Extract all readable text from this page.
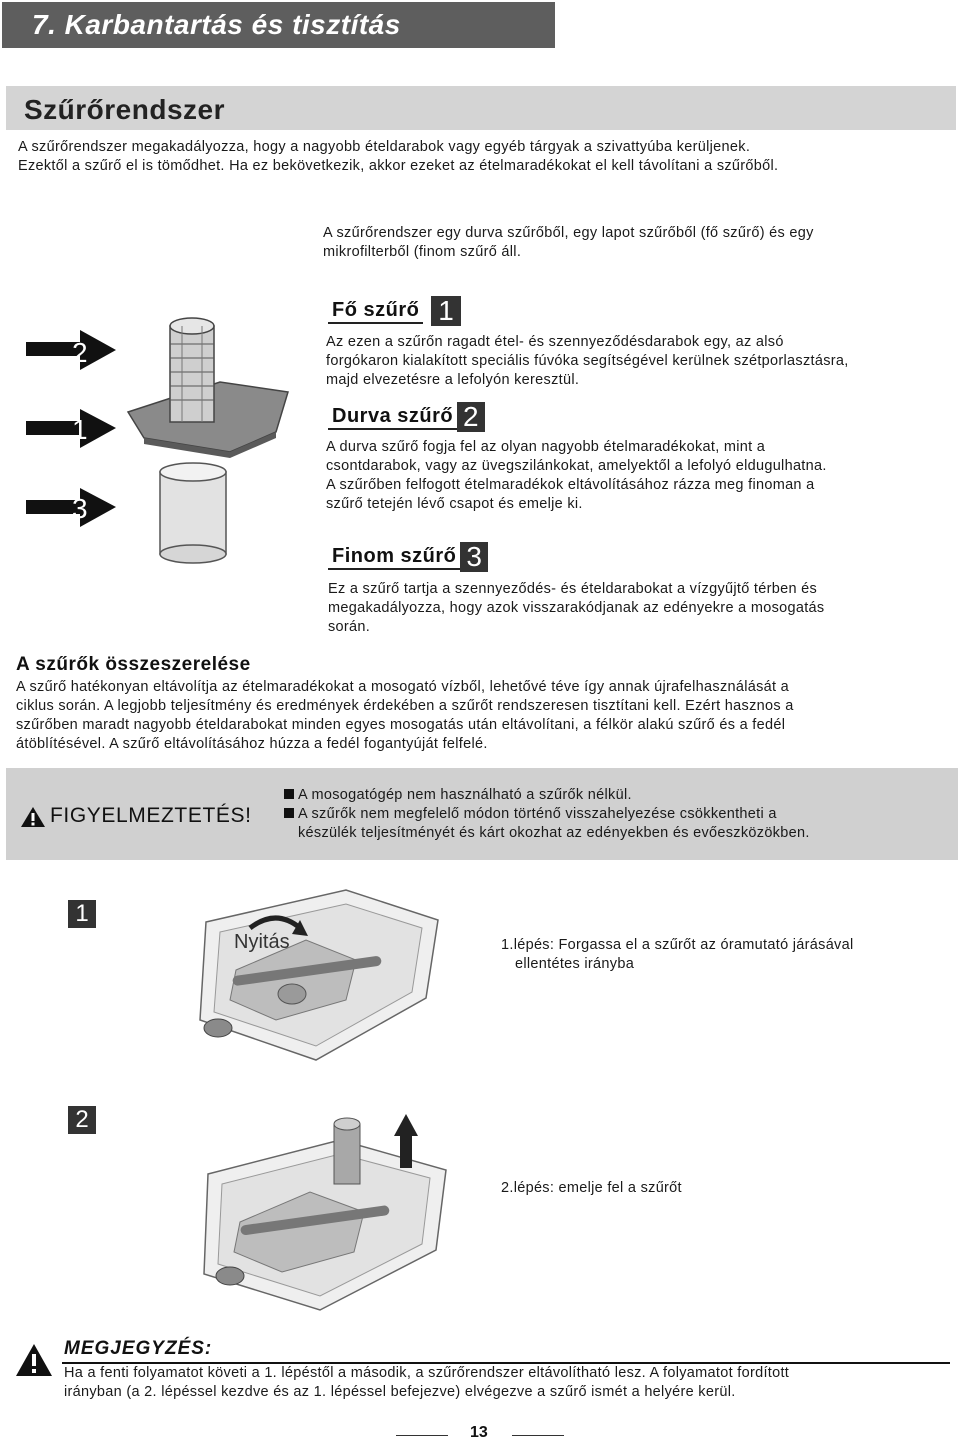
7. Karbantartás és tisztítás
Szűrőrendszer
A szűrőrendszer megakadályozza, hogy a nagyobb ételdarabok vagy egyéb tárgyak a szivattyúba kerüljenek.
Ezektől a szűrő el is tömődhet. Ha ez bekövetkezik, akkor ezeket az ételmaradékokat el kell távolítani a szűrőből.
A szűrőrendszer egy durva szűrőből, egy lapot szűrőből (fő szűrő) és egy
mikrofilterből (finom szűrő áll.
2
1
3
Fő szűrő 1
Az ezen a szűrőn ragadt étel- és szennyeződésdarabok egy, az alsó
forgókaron kialakított speciális fúvóka segítségével kerülnek szétporlasztásra,
majd elvezetésre a lefolyón keresztül.
Durva szűrő 2
A durva szűrő fogja fel az olyan nagyobb ételmaradékokat, mint a
csontdarabok, vagy az üvegszilánkokat, amelyektől a lefolyó eldugulhatna.
A szűrőben felfogott ételmaradékok eltávolításához rázza meg finoman a
szűrő tetején lévő csapot és emelje ki.
Finom szűrő 3
Ez a szűrő tartja a szennyeződés- és ételdarabokat a vízgyűjtő térben és
megakadályozza, hogy azok visszarakódjanak az edényekre a mosogatás
során.
A szűrők összeszerelése
A szűrő hatékonyan eltávolítja az ételmaradékokat a mosogató vízből, lehetővé téve így annak újrafelhasználását a
ciklus során. A legjobb teljesítmény és eredmények érdekében a szűrőt rendszeresen tisztítani kell. Ezért hasznos a
szűrőben maradt nagyobb ételdarabokat minden egyes mosogatás után eltávolítani, a félkör alakú szűrő és a fedél
átöblítésével. A szűrő eltávolításához húzza a fedél fogantyúját felfelé.
FIGYELMEZTETÉS!
A mosogatógép nem használható a szűrők nélkül.
A szűrők nem megfelelő módon történő visszahelyezése csökkentheti a
készülék teljesítményét és kárt okozhat az edényekben és evőeszközökben.
1
Nyitás	1.lépés: Forgassa el a szűrőt az óramutató járásával
ellentétes irányba
2
2.lépés: emelje fel a szűrőt
MEGJEGYZÉS:
Ha a fenti folyamatot követi a 1. lépéstől a második, a szűrőrendszer eltávolítható lesz. A folyamatot fordított
irányban (a 2. lépéssel kezdve és az 1. lépéssel befejezve) elvégezve a szűrő ismét a helyére kerül.
13
